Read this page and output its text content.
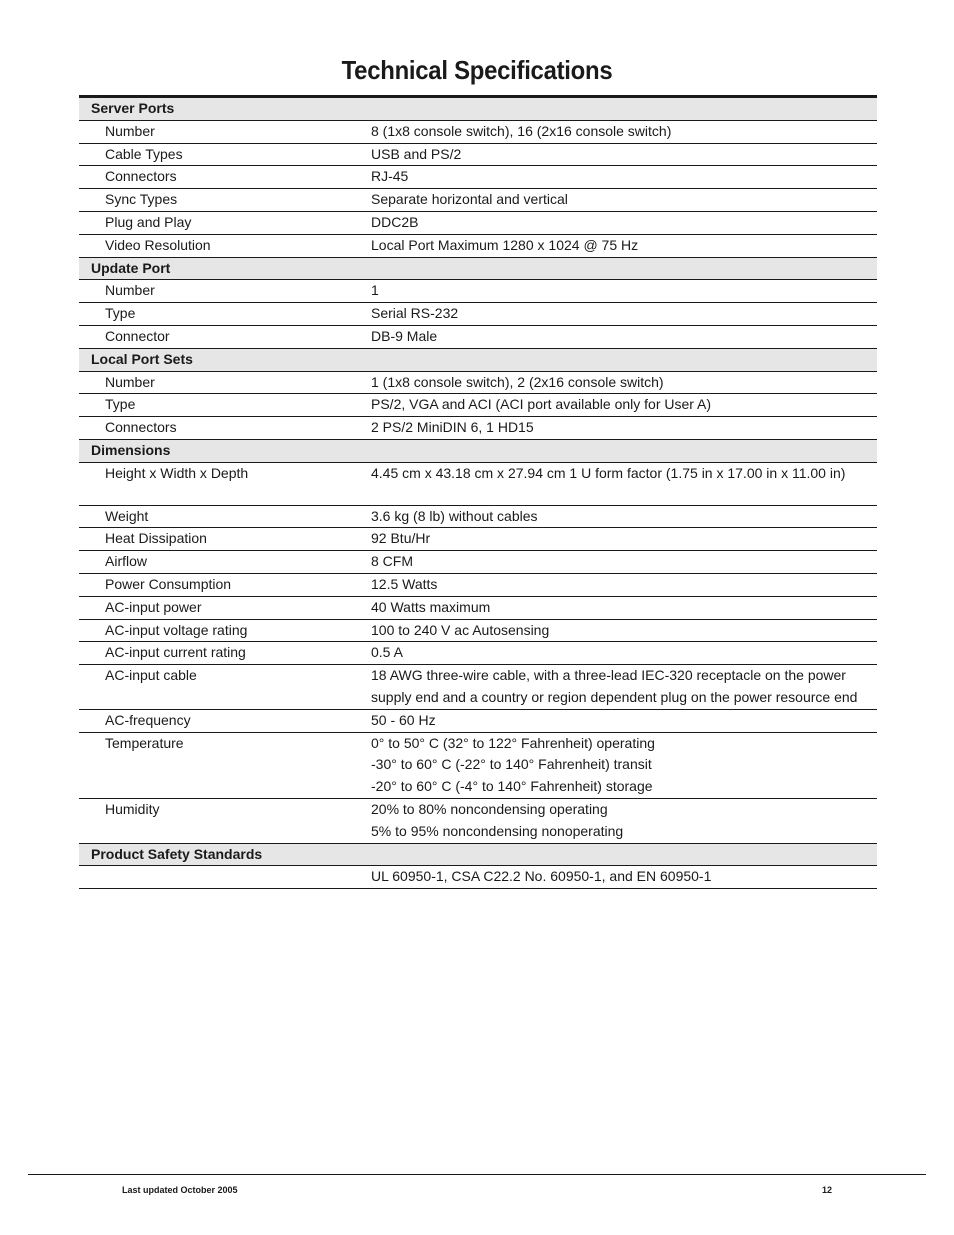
Technical Specifications
Server Ports
Number	8 (1x8 console switch), 16 (2x16 console switch)
Cable Types	USB and PS/2
Connectors	RJ-45
Sync Types	Separate horizontal and vertical
Plug and Play	DDC2B
Video Resolution	Local Port Maximum 1280 x 1024 @ 75 Hz
Update Port
Number	1
Type	Serial RS-232
Connector	DB-9 Male
Local Port Sets
Number	1 (1x8 console switch), 2 (2x16 console switch)
Type	PS/2, VGA and ACI (ACI port available only for User A)
Connectors	2 PS/2 MiniDIN 6, 1 HD15
Dimensions
Height x Width x Depth	4.45 cm x 43.18 cm x 27.94 cm 1 U form factor (1.75 in x 17.00 in x 11.00 in)
Weight	3.6 kg (8 lb) without cables
Heat Dissipation	92 Btu/Hr
Airflow	8 CFM
Power Consumption	12.5 Watts
AC-input power	40 Watts maximum
AC-input voltage rating	100 to 240 V ac Autosensing
AC-input current rating	0.5 A
AC-input cable	18 AWG three-wire cable, with a three-lead IEC-320 receptacle on the power
supply end and a country or region dependent plug on the power resource end
AC-frequency	50 - 60 Hz
Temperature	0° to 50° C (32° to 122° Fahrenheit) operating
-30° to 60° C (-22° to 140° Fahrenheit) transit
-20° to 60° C (-4° to 140° Fahrenheit) storage
Humidity	20% to 80% noncondensing operating
5% to 95% noncondensing nonoperating
Product Safety Standards
UL 60950-1, CSA C22.2 No. 60950-1, and EN 60950-1
Last updated October 2005	12
